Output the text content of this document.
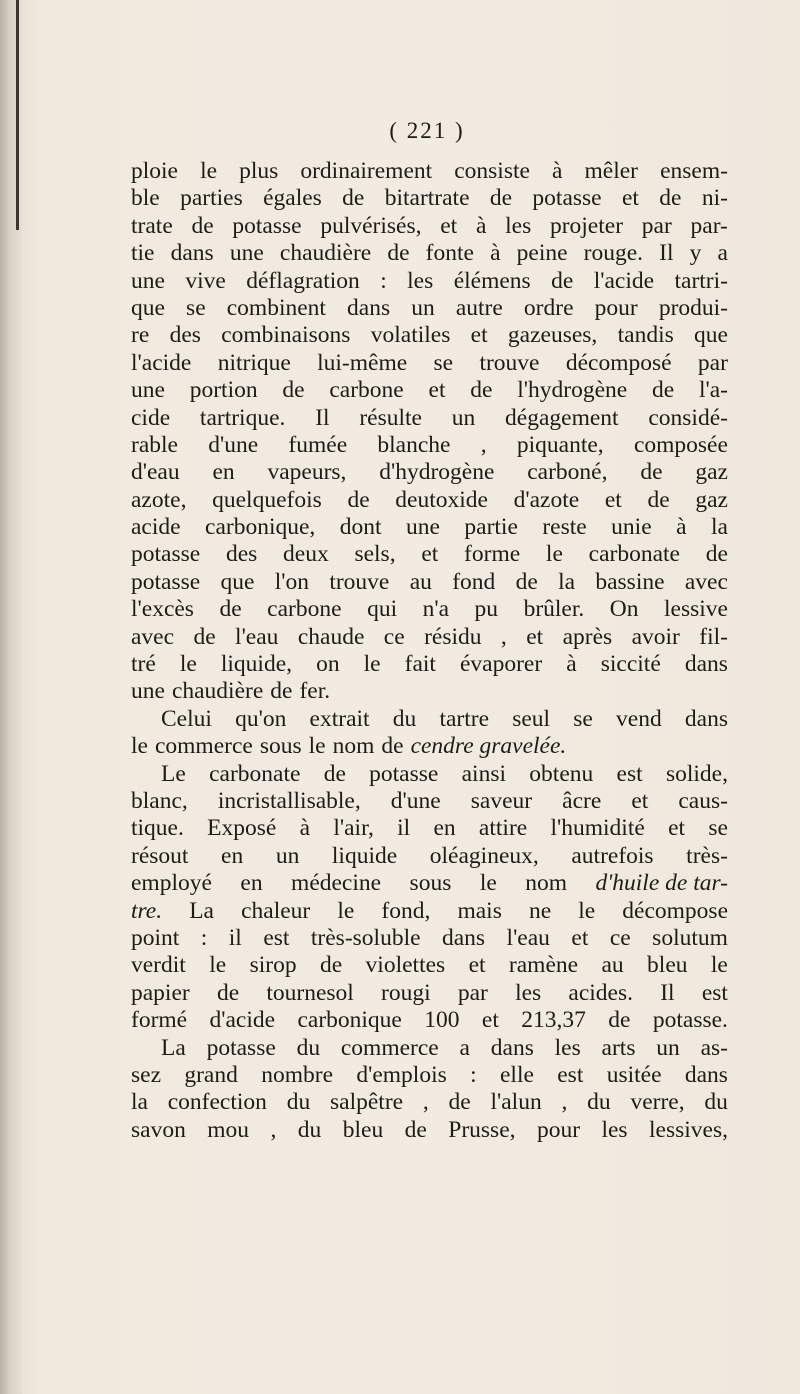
( 221 )
ploie le plus ordinairement consiste à mêler ensem-
ble parties égales de bitartrate de potasse et de ni-
trate de potasse pulvérisés, et à les projeter par par-
tie dans une chaudière de fonte à peine rouge. Il y a
une vive déflagration : les élémens de l'acide tartri-
que se combinent dans un autre ordre pour produi-
re des combinaisons volatiles et gazeuses, tandis que
l'acide nitrique lui-même se trouve décomposé par
une portion de carbone et de l'hydrogène de l'a-
cide tartrique. Il résulte un dégagement considé-
rable d'une fumée blanche , piquante, composée
d'eau en vapeurs, d'hydrogène carboné, de gaz
azote, quelquefois de deutoxide d'azote et de gaz
acide carbonique, dont une partie reste unie à la
potasse des deux sels, et forme le carbonate de
potasse que l'on trouve au fond de la bassine avec
l'excès de carbone qui n'a pu brûler. On lessive
avec de l'eau chaude ce résidu , et après avoir fil-
tré le liquide, on le fait évaporer à siccité dans
une chaudière de fer.
Celui qu'on extrait du tartre seul se vend dans
le commerce sous le nom de cendre gravelée.
Le carbonate de potasse ainsi obtenu est solide,
blanc, incristallisable, d'une saveur âcre et caus-
tique. Exposé à l'air, il en attire l'humidité et se
résout en un liquide oléagineux, autrefois très-
employé en médecine sous le nom d'huile de tar-
tre. La chaleur le fond, mais ne le décompose
point : il est très-soluble dans l'eau et ce solutum
verdit le sirop de violettes et ramène au bleu le
papier de tournesol rougi par les acides. Il est
formé d'acide carbonique 100 et 213,37 de potasse.
La potasse du commerce a dans les arts un as-
sez grand nombre d'emplois : elle est usitée dans
la confection du salpêtre , de l'alun , du verre, du
savon mou , du bleu de Prusse, pour les lessives,
